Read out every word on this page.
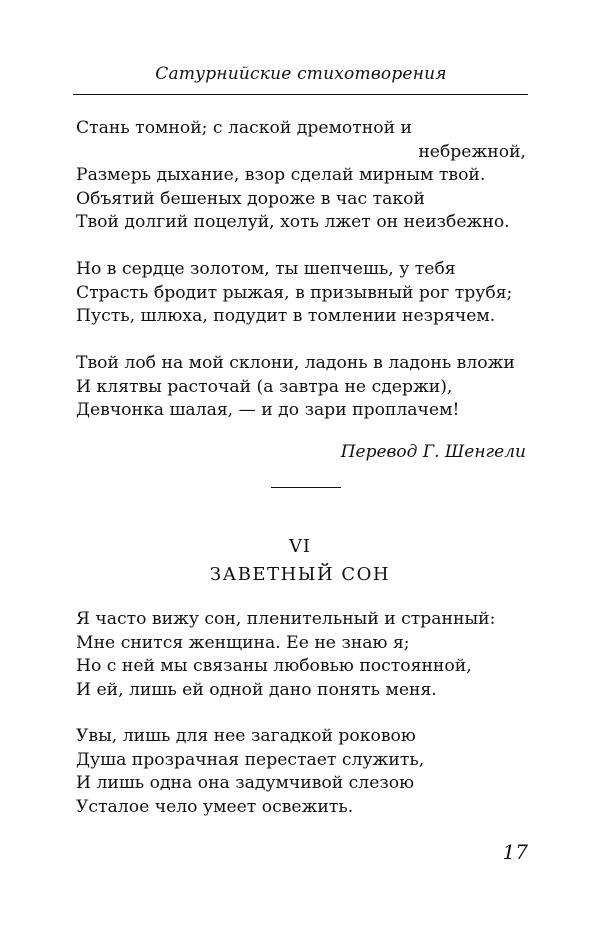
Сатурнийские стихотворения
Стань томной; с лаской дремотной и
небрежной,
Размерь дыхание, взор сделай мирным твой.
Объятий бешеных дороже в час такой
Твой долгий поцелуй, хоть лжет он неизбежно.
Но в сердце золотом, ты шепчешь, у тебя
Страсть бродит рыжая, в призывный рог трубя;
Пусть, шлюха, подудит в томлении незрячем.
Твой лоб на мой склони, ладонь в ладонь вложи
И клятвы расточай (а завтра не сдержи),
Девчонка шалая, — и до зари проплачем!
Перевод Г. Шенгели
VI
ЗАВЕТНЫЙ СОН
Я часто вижу сон, пленительный и странный:
Мне снится женщина. Ее не знаю я;
Но с ней мы связаны любовью постоянной,
И ей, лишь ей одной дано понять меня.
Увы, лишь для нее загадкой роковою
Душа прозрачная перестает служить,
И лишь одна она задумчивой слезою
Усталое чело умеет освежить.
17
